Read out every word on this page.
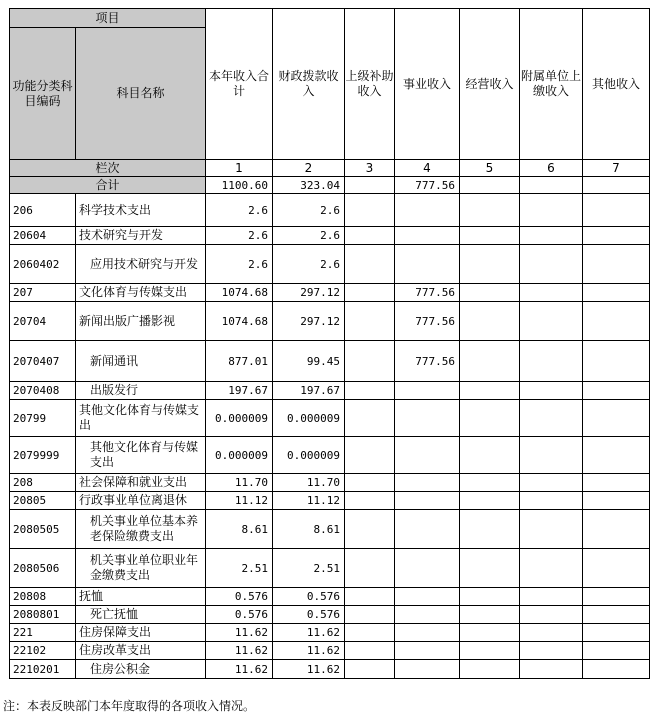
项目		本年收入合计	财政拨款收入	上级补助收入	事业收入	经营收入	附属单位上缴收入	其他收入
功能分类科目编码	科目名称							
栏次		1	2	3	4	5	6	7
合计		1100.60	323.04		777.56			
206	科学技术支出	2.6	2.6					
20604	技术研究与开发	2.6	2.6					
2060402	应用技术研究与开发	2.6	2.6					
207	文化体育与传媒支出	1074.68	297.12		777.56			
20704	新闻出版广播影视	1074.68	297.12		777.56			
2070407	新闻通讯	877.01	99.45		777.56			
2070408	出版发行	197.67	197.67					
20799	其他文化体育与传媒支出	0.000009	0.000009					
2079999	其他文化体育与传媒支出	0.000009	0.000009					
208	社会保障和就业支出	11.70	11.70					
20805	行政事业单位离退休	11.12	11.12					
2080505	机关事业单位基本养老保险缴费支出	8.61	8.61					
2080506	机关事业单位职业年金缴费支出	2.51	2.51					
20808	抚恤	0.576	0.576					
2080801	死亡抚恤	0.576	0.576					
221	住房保障支出	11.62	11.62					
22102	住房改革支出	11.62	11.62					
2210201	住房公积金	11.62	11.62					
注：本表反映部门本年度取得的各项收入情况。
